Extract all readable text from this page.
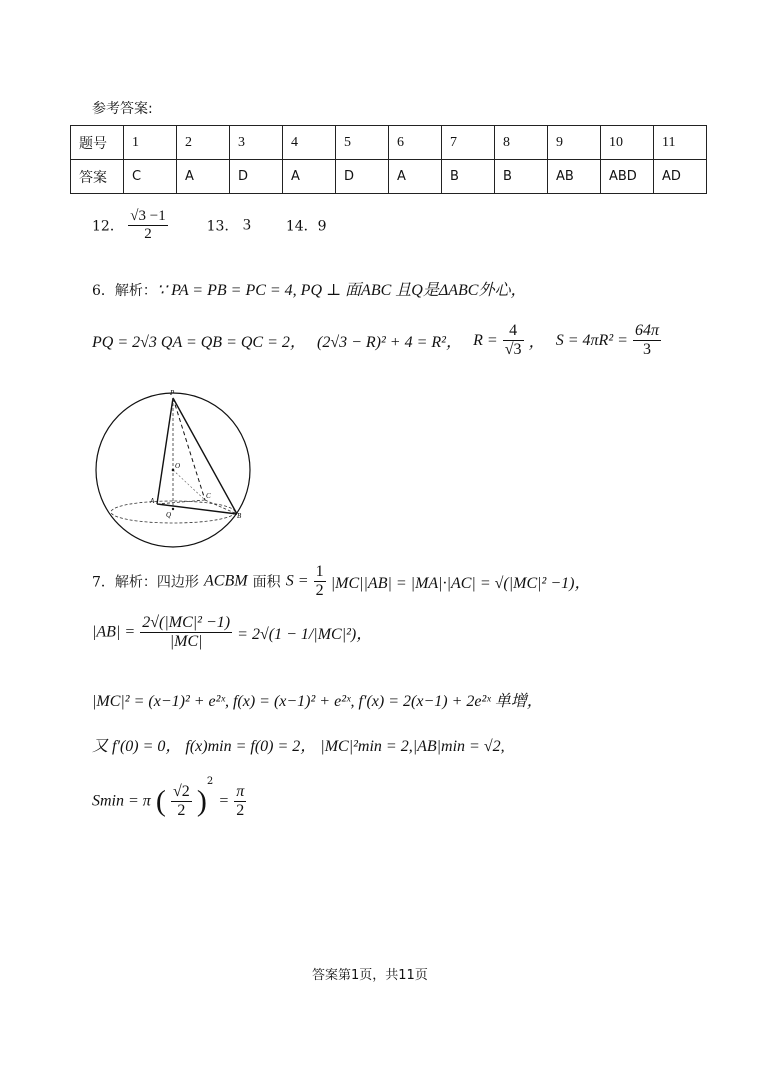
参考答案:
题号	1	2	3	4	5	6	7	8	9	10	11
答案	C	A	D	A	D	A	B	B	AB	ABD	AD
12． $\frac{√3 -1}{2}$	13． 3 14．9
6．解析：∵ PA = PB = PC = 4, PQ ⊥ 面ABC 且Q是ΔABC外心，
PQ = 2√3 QA = QB = QC = 2， (2√3 − R)² + 4 = R²， $R = \frac{4}{√3}$ ， $S = 4\pi R^2 = \frac{64\pi}{3}$
P
O
A
C
Q	B
7．解析：四边形 ACBM 面积 $S = \frac{1}{2} |MC||AB| = |MA|\cdot|AC| = √(|MC|^2 -1)$，
$|AB| = \frac{\text{2√(|MC|² −1)}}{|MC|} = 2√(1 - 1/|MC|^2)$，
|MC|² = (x−1)² + e²ˣ, f(x) = (x−1)² + e²ˣ, f′(x) = 2(x−1) + 2e²ˣ 单增，
又 f′(0) = 0， f(x)min = f(0) = 2， |MC|²min = 2,|AB|min = √2,
Smin = π ( $\frac{√2}{2} )^2 = \frac{\pi}{2}$
答案第1页，共11页
